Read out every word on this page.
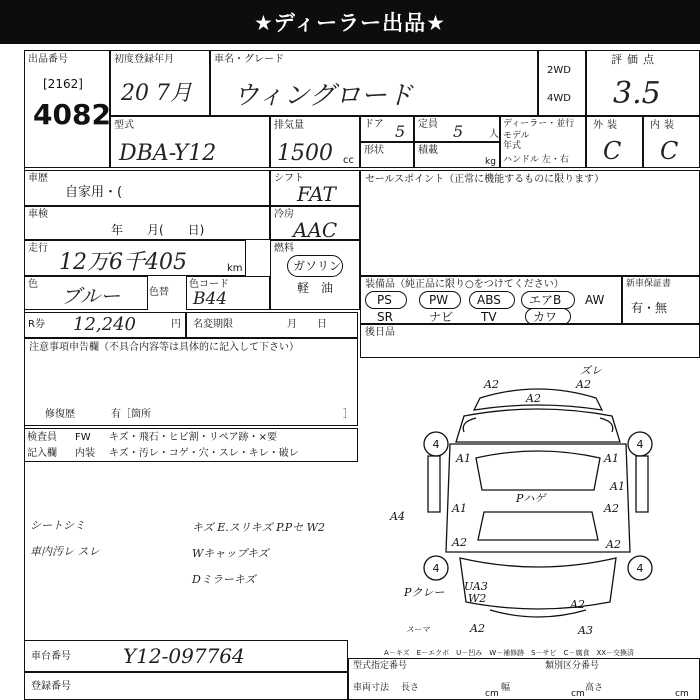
★ディーラー出品★
出品番号
[2162]
4082
初度登録年月
20 7月
車名・グレード
ウィングロード
2WD
4WD
評価点
3.5
型式
DBA-Y12
排気量
1500 cc
ドア 5 定員 5	人
ディーラー・並行
モデル年式
ハンドル 左・右
形状	積載
kg
外装
C
内装
C
車歴
自家用・(
シフト
FAT
車検
年　　月(　　日)
冷房
AAC
走行
12万6千405	km
燃料
ガソリン
軽　油
色 ブルー	色替
色コード
B44
R券 12,240	円 名変期限	月　　日
セールスポイント（正常に機能するものに限ります）
装備品（純正品に限り○をつけてください）
PS	PW ABS エアB AW
SR	ナビ TV	カワ
新車保証書
有・無
後日品
注意事項申告欄（不具合内容等は具体的に記入して下さい）
修復歴	有［箇所	］
検査員
記入欄
FW
内装
キズ・飛石・ヒビ割・リペア跡・×要
キズ・汚レ・コゲ・穴・スレ・キレ・破レ
シートシミ
車内汚レ スレ
キズ E.スリキズ P.Pセ W2
Wキャップキズ
Dミラーキズ
ズレ
A2	A2
A2
A1	A1
A2
A2
A4
A1
A1
A2
A2
A2
A3
UA3
W2
Pハゲ
Pクレー
スーマ
4	4
4	4
車台番号	Y12-097764
登録番号
A－キズ　E－エクボ　U－凹み　W－補修跡　S－サビ　C－腐食　XX－交換済
型式指定番号	類別区分番号
車両寸法 長さ
cm
幅
cm
高さ
cm
